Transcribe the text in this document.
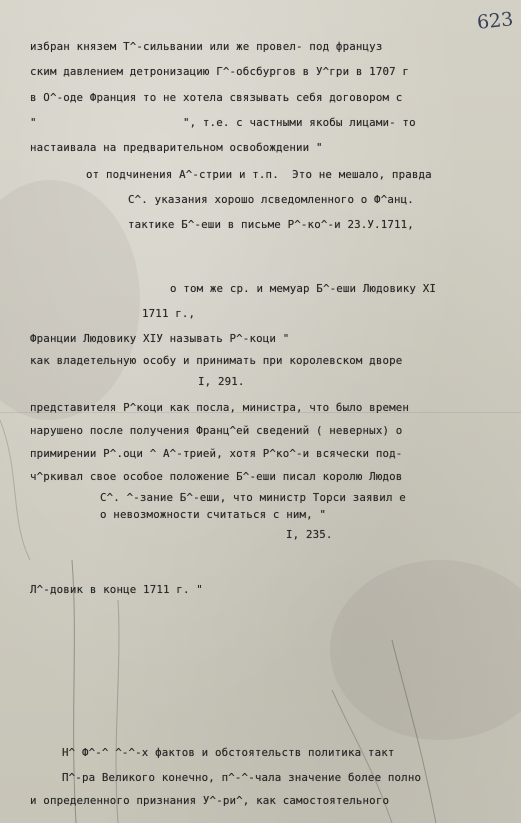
623
избран князем Т^-сильвании или же провел- под француз
ским давлением детронизацию Г^-обсбургов в У^гри в 1707 г
в О^-оде Франция то не хотела связывать себя договором с
"                      ", т.е. с частными якобы лицами- то
настаивала на предварительном освобождении "
от подчинения А^-стрии и т.п.  Это не мешало, правда
С^. указания хорошо лсведомленного о Ф^анц.
тактике Б^-еши в письме Р^-ко^-и 23.У.1711,
о том же ср. и мемуар Б^-еши Людовику ХI
1711 г.,
Франции Людовику ХIУ называть Р^-коци "
как владетельную особу и принимать при королевском дворе
I, 291.
представителя Р^коци как посла, министра, что было времен
нарушено после получения Франц^ей сведений ( неверных) о
примирении Р^.оци ^ А^-трией, хотя Р^ко^-и всячески под-
ч^ркивал свое особое положение Б^-еши писал королю Людов
С^. ^-зание Б^-еши, что министр Торси заявил е
о невозможности считаться с ним, "
I, 235.
Л^-довик в конце 1711 г. "
Н^ Ф^-^ ^-^-х фактов и обстоятельств политика такт
П^-ра Великого конечно, п^-^-чала значение более полно
и определенного признания У^-ри^, как самостоятельного
